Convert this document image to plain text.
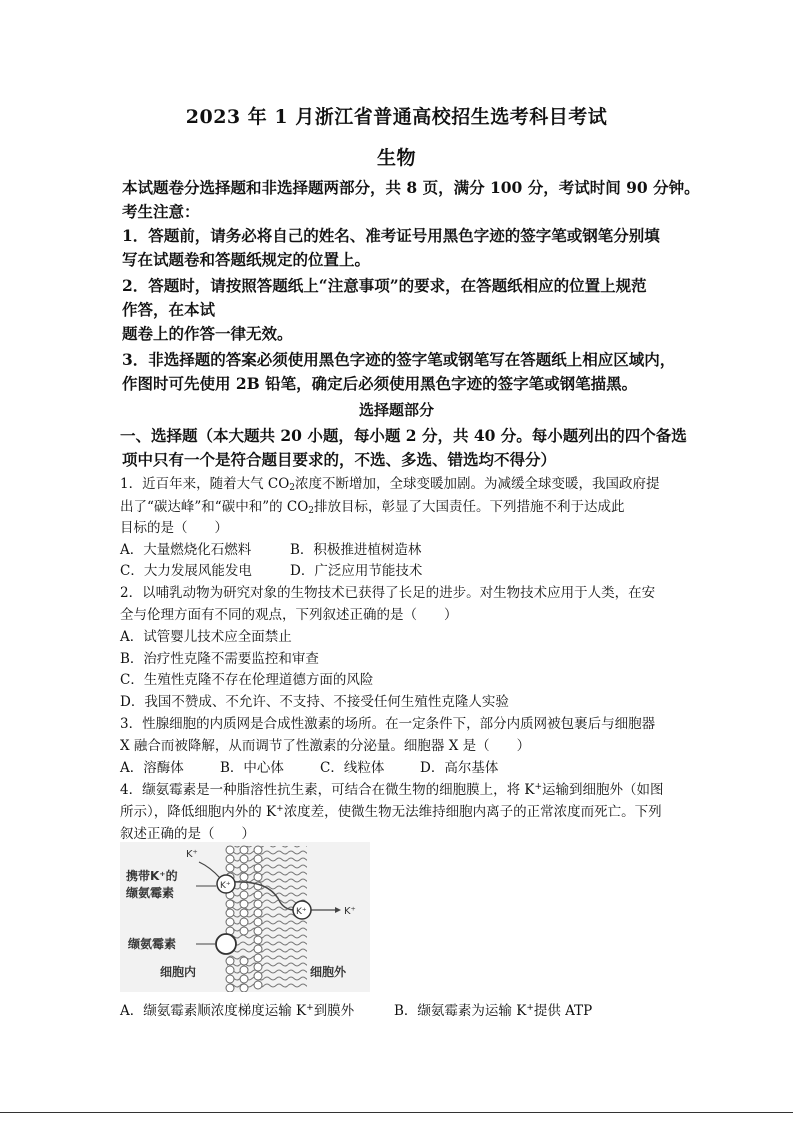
2023 年 1 月浙江省普通高校招生选考科目考试
生物
本试题卷分选择题和非选择题两部分，共 8 页，满分 100 分，考试时间 90 分钟。
考生注意：
1．答题前，请务必将自己的姓名、准考证号用黑色字迹的签字笔或钢笔分别填
写在试题卷和答题纸规定的位置上。
2．答题时，请按照答题纸上“注意事项”的要求，在答题纸相应的位置上规范
作答，在本试
题卷上的作答一律无效。
3．非选择题的答案必须使用黑色字迹的签字笔或钢笔写在答题纸上相应区域内，
作图时可先使用 2B 铅笔，确定后必须使用黑色字迹的签字笔或钢笔描黑。
选择题部分
一、选择题（本大题共 20 小题，每小题 2 分，共 40 分。每小题列出的四个备选
项中只有一个是符合题目要求的，不选、多选、错选均不得分）
1．近百年来，随着大气 $CO_2$浓度不断增加，全球变暖加剧。为减缓全球变暖，我国政府提
出了“碳达峰”和“碳中和”的 $CO_2$排放目标，彰显了大国责任。下列措施不利于达成此
目标的是（　　）
A．大量燃烧化石燃料	B．积极推进植树造林
C．大力发展风能发电	D．广泛应用节能技术
2．以哺乳动物为研究对象的生物技术已获得了长足的进步。对生物技术应用于人类，在安
全与伦理方面有不同的观点，下列叙述正确的是（　　）
A．试管婴儿技术应全面禁止
B．治疗性克隆不需要监控和审查
C．生殖性克隆不存在伦理道德方面的风险
D．我国不赞成、不允许、不支持、不接受任何生殖性克隆人实验
3．性腺细胞的内质网是合成性激素的场所。在一定条件下，部分内质网被包裹后与细胞器
X 融合而被降解，从而调节了性激素的分泌量。细胞器 X 是（　　）
A．溶酶体	B．中心体	C．线粒体	D．高尔基体
4．缬氨霉素是一种脂溶性抗生素，可结合在微生物的细胞膜上，将 K+运输到细胞外（如图
所示），降低细胞内外的 K+浓度差，使微生物无法维持细胞内离子的正常浓度而死亡。下列
叙述正确的是（　　）
K⁺
K⁺
K⁺	K⁺
携带K⁺的
缬氨霉素
缬氨霉素
细胞内	细胞外
A．缬氨霉素顺浓度梯度运输 K+到膜外	B．缬氨霉素为运输 K+提供 ATP
